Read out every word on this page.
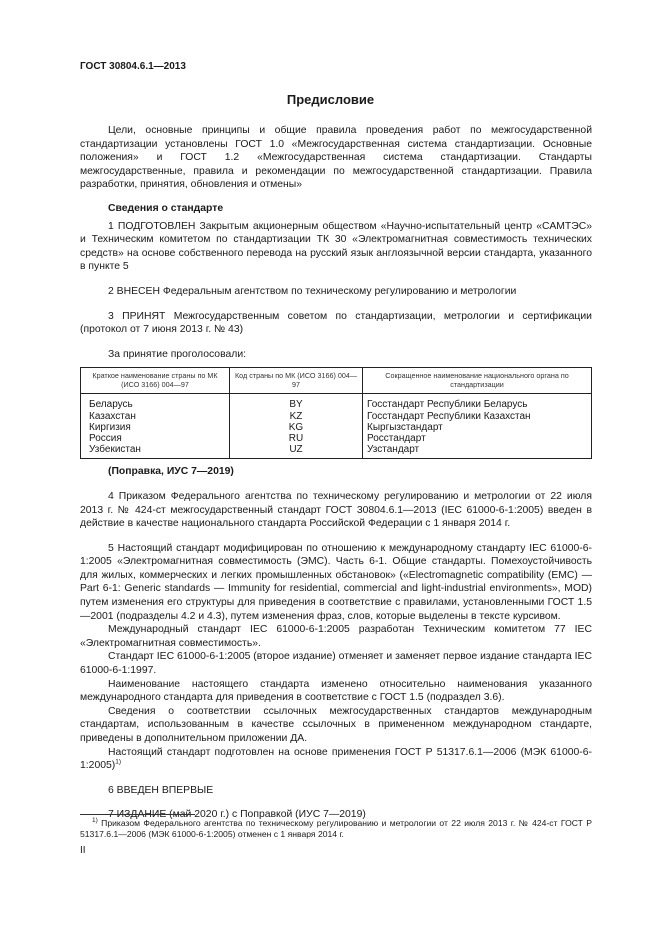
ГОСТ 30804.6.1—2013
Предисловие

Цели, основные принципы и общие правила проведения работ по межгосударственной стандартизации установлены ГОСТ 1.0 «Межгосударственная система стандартизации. Основные положения» и ГОСТ 1.2 «Межгосударственная система стандартизации. Стандарты межгосударственные, правила и рекомендации по межгосударственной стандартизации. Правила разработки, принятия, обновления и отмены»

Сведения о стандарте

1 ПОДГОТОВЛЕН Закрытым акционерным обществом «Научно-испытательный центр «САМТЭС» и Техническим комитетом по стандартизации ТК 30 «Электромагнитная совместимость технических средств» на основе собственного перевода на русский язык англоязычной версии стандарта, указанного в пункте 5

2 ВНЕСЕН Федеральным агентством по техническому регулированию и метрологии

3 ПРИНЯТ Межгосударственным советом по стандартизации, метрологии и сертификации (протокол от 7 июня 2013 г. № 43)

За принятие проголосовали:

Краткое наименование страны по МК (ИСО 3166) 004—97	Код страны по МК (ИСО 3166) 004—97	Сокращенное наименование национального органа по стандартизации
Беларусь	BY	Госстандарт Республики Беларусь
Казахстан	KZ	Госстандарт Республики Казахстан
Киргизия	KG	Кыргызстандарт
Россия	RU	Росстандарт
Узбекистан	UZ	Узстандарт

(Поправка, ИУС 7—2019)

4 Приказом Федерального агентства по техническому регулированию и метрологии от 22 июля 2013 г. № 424-ст межгосударственный стандарт ГОСТ 30804.6.1—2013 (IEC 61000-6-1:2005) введен в действие в качестве национального стандарта Российской Федерации с 1 января 2014 г.

5 Настоящий стандарт модифицирован по отношению к международному стандарту IEC 61000-6-1:2005 «Электромагнитная совместимость (ЭМС). Часть 6-1. Общие стандарты. Помехоустойчивость для жилых, коммерческих и легких промышленных обстановок» («Electromagnetic compatibility (EMC) — Part 6-1: Generic standards — Immunity for residential, commercial and light-industrial environments», MOD) путем изменения его структуры для приведения в соответствие с правилами, установленными ГОСТ 1.5—2001 (подразделы 4.2 и 4.3), путем изменения фраз, слов, которые выделены в тексте курсивом.

Международный стандарт IEC 61000-6-1:2005 разработан Техническим комитетом 77 IEC «Электромагнитная совместимость».

Стандарт IEC 61000-6-1:2005 (второе издание) отменяет и заменяет первое издание стандарта IEC 61000-6-1:1997.

Наименование настоящего стандарта изменено относительно наименования указанного международного стандарта для приведения в соответствие с ГОСТ 1.5 (подраздел 3.6).

Сведения о соответствии ссылочных межгосударственных стандартов международным стандартам, использованным в качестве ссылочных в примененном международном стандарте, приведены в дополнительном приложении ДА.

Настоящий стандарт подготовлен на основе применения ГОСТ Р 51317.6.1—2006 (МЭК 61000-6-1:2005)$^{1)}$

6 ВВЕДЕН ВПЕРВЫЕ

7 ИЗДАНИЕ (май 2020 г.) с Поправкой (ИУС 7—2019)

$^{1)}$ Приказом Федерального агентства по техническому регулированию и метрологии от 22 июля 2013 г. № 424-ст ГОСТ Р 51317.6.1—2006 (МЭК 61000-6-1:2005) отменен с 1 января 2014 г.
II
